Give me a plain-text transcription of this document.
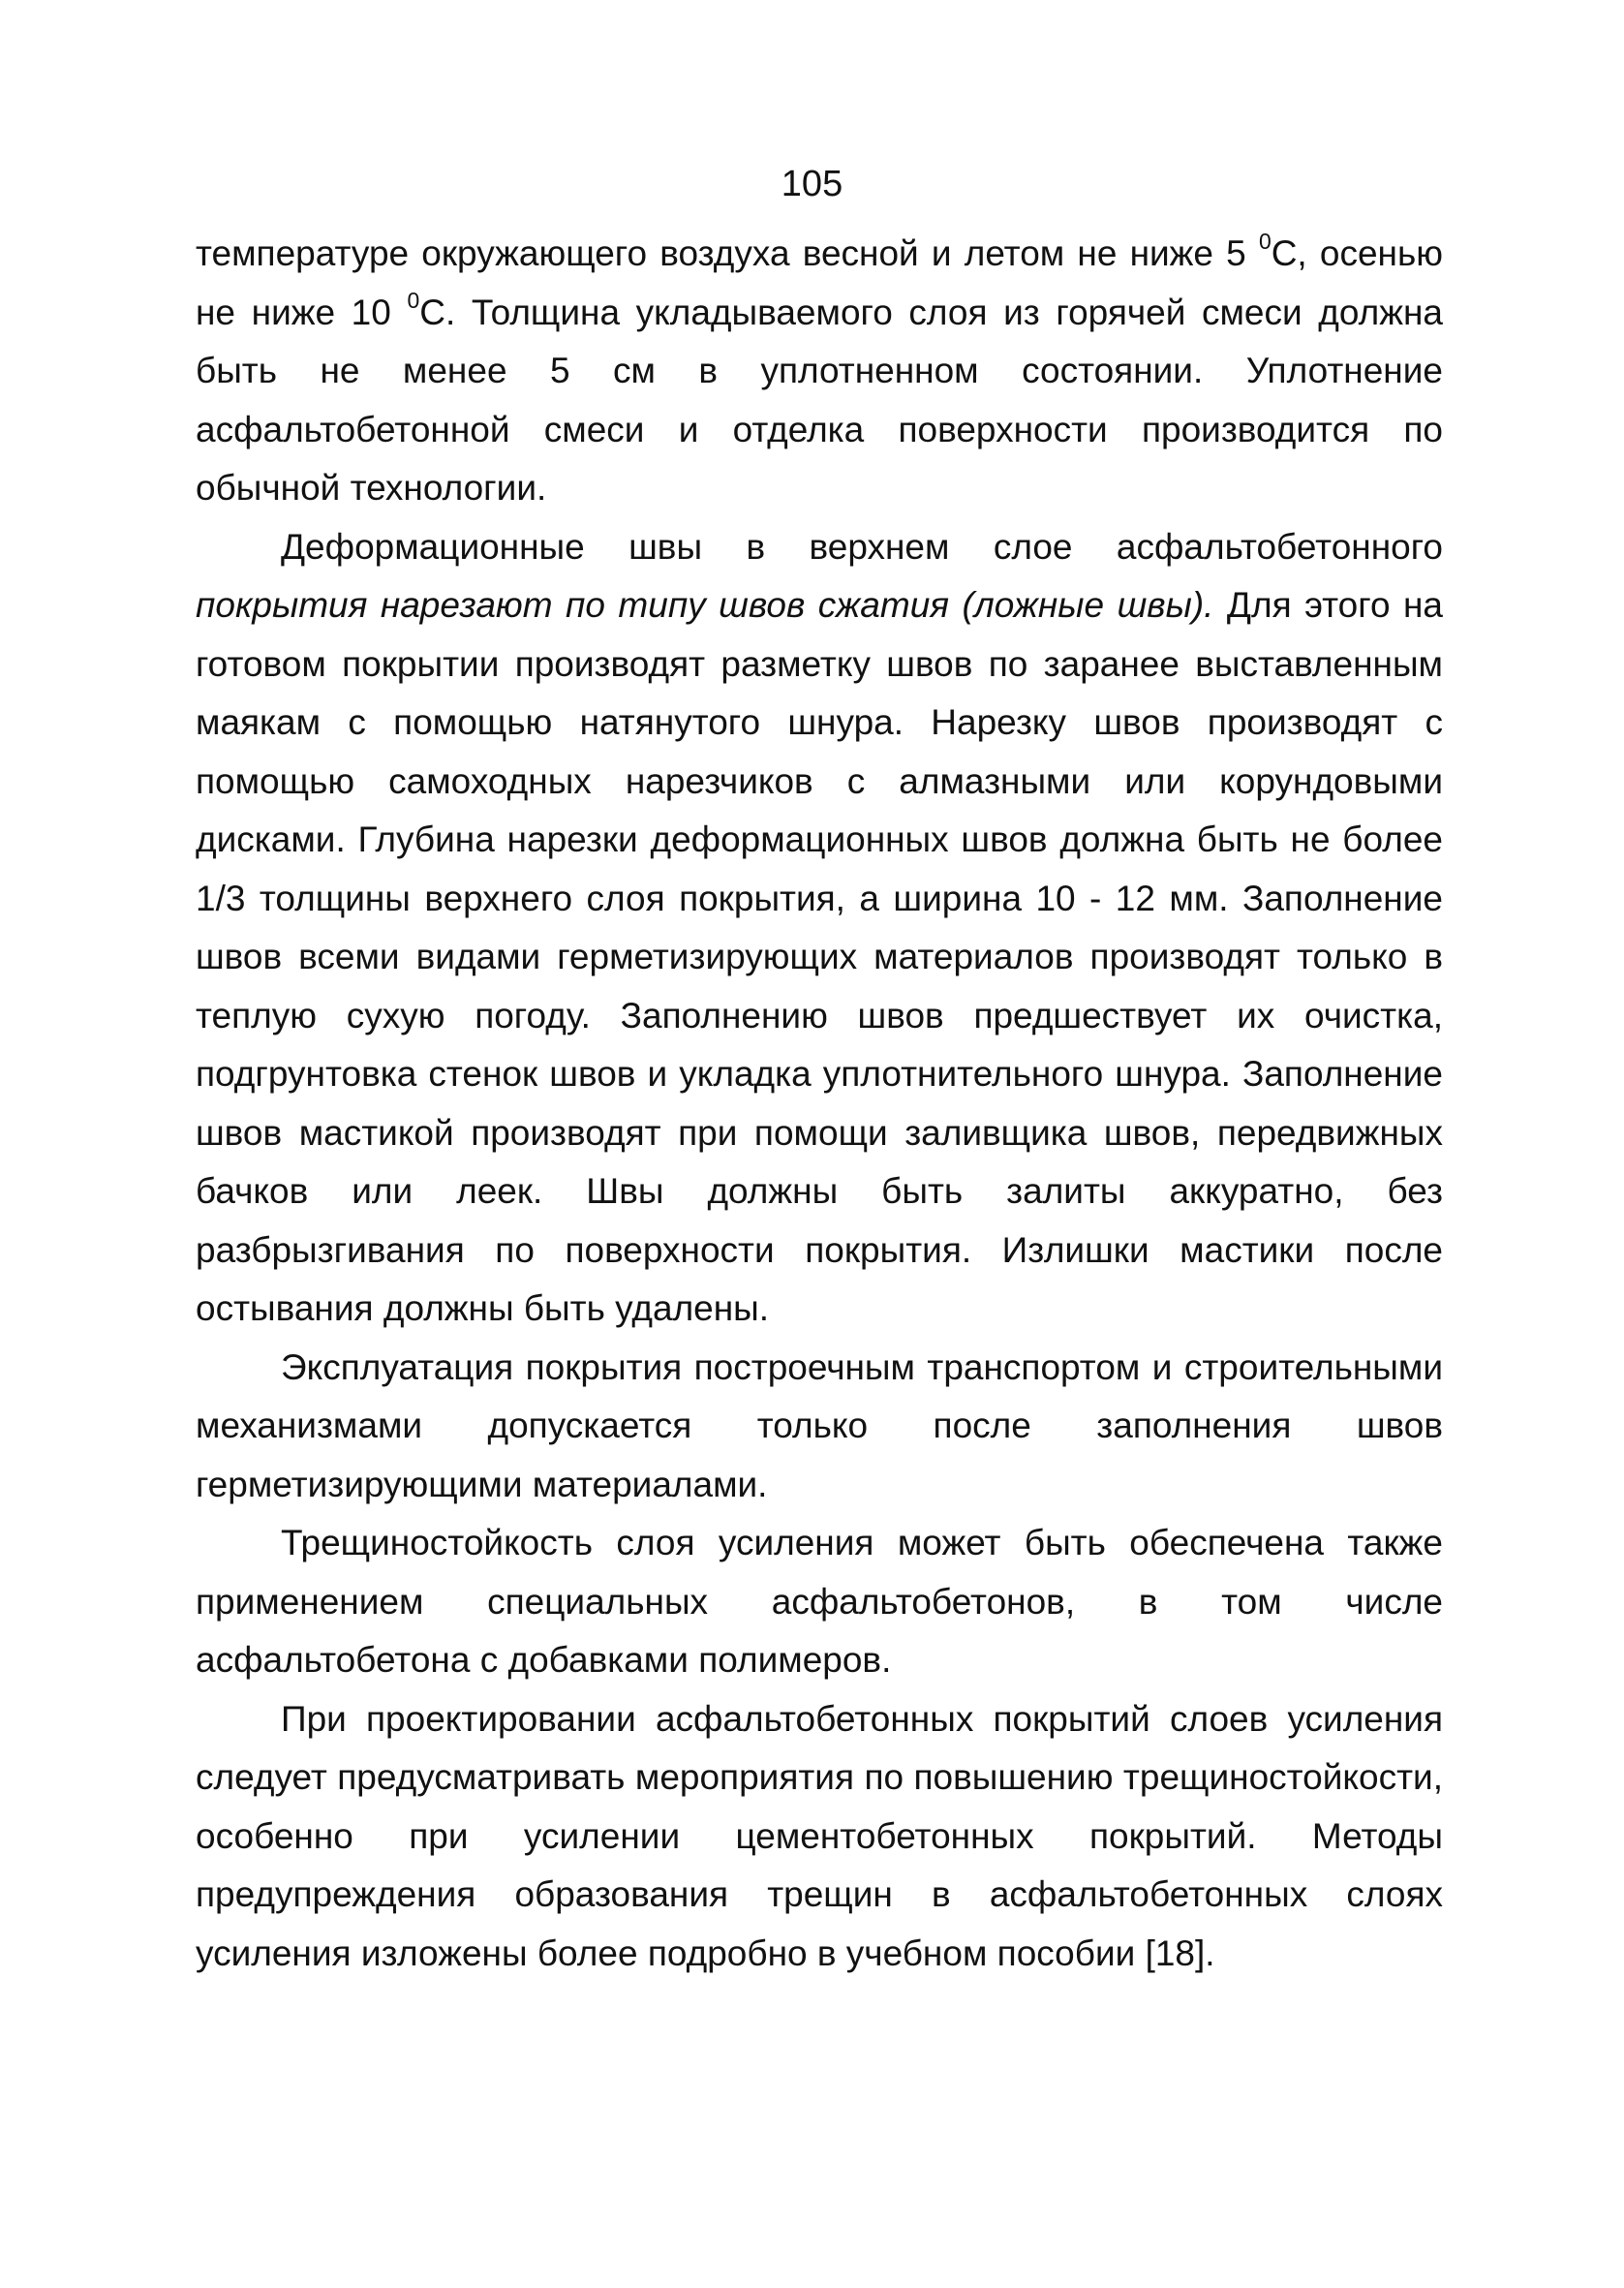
105

температуре окружающего воздуха весной и летом не ниже 5 $^0$С, осенью не ниже 10 $^0$С. Толщина укладываемого слоя из горячей смеси должна быть не менее 5 см в уплотненном состоянии. Уплотнение асфальтобетонной смеси и отделка поверхности производится по обычной технологии.

Деформационные швы в верхнем слое асфальтобетонного покрытия нарезают по типу швов сжатия (ложные швы). Для этого на готовом покрытии производят разметку швов по заранее выставленным маякам с помощью натянутого шнура. Нарезку швов производят с помощью самоходных нарезчиков с алмазными или корундовыми дисками. Глубина нарезки деформационных швов должна быть не более 1/3 толщины верхнего слоя покрытия, а ширина 10 - 12 мм. Заполнение швов всеми видами герметизирующих материалов производят только в теплую сухую погоду. Заполнению швов предшествует их очистка, подгрунтовка стенок швов и укладка уплотнительного шнура. Заполнение швов мастикой производят при помощи заливщика швов, передвижных бачков или леек. Швы должны быть залиты аккуратно, без разбрызгивания по поверхности покрытия. Излишки мастики после остывания должны быть удалены.

Эксплуатация покрытия построечным транспортом и строительными механизмами допускается только после заполнения швов герметизирующими материалами.

Трещиностойкость слоя усиления может быть обеспечена также применением специальных асфальтобетонов, в том числе асфальтобетона с добавками полимеров.

При проектировании асфальтобетонных покрытий слоев усиления следует предусматривать мероприятия по повышению трещиностойкости, особенно при усилении цементобетонных покрытий. Методы предупреждения образования трещин в асфальтобетонных слоях усиления изложены более подробно в учебном пособии [18].
